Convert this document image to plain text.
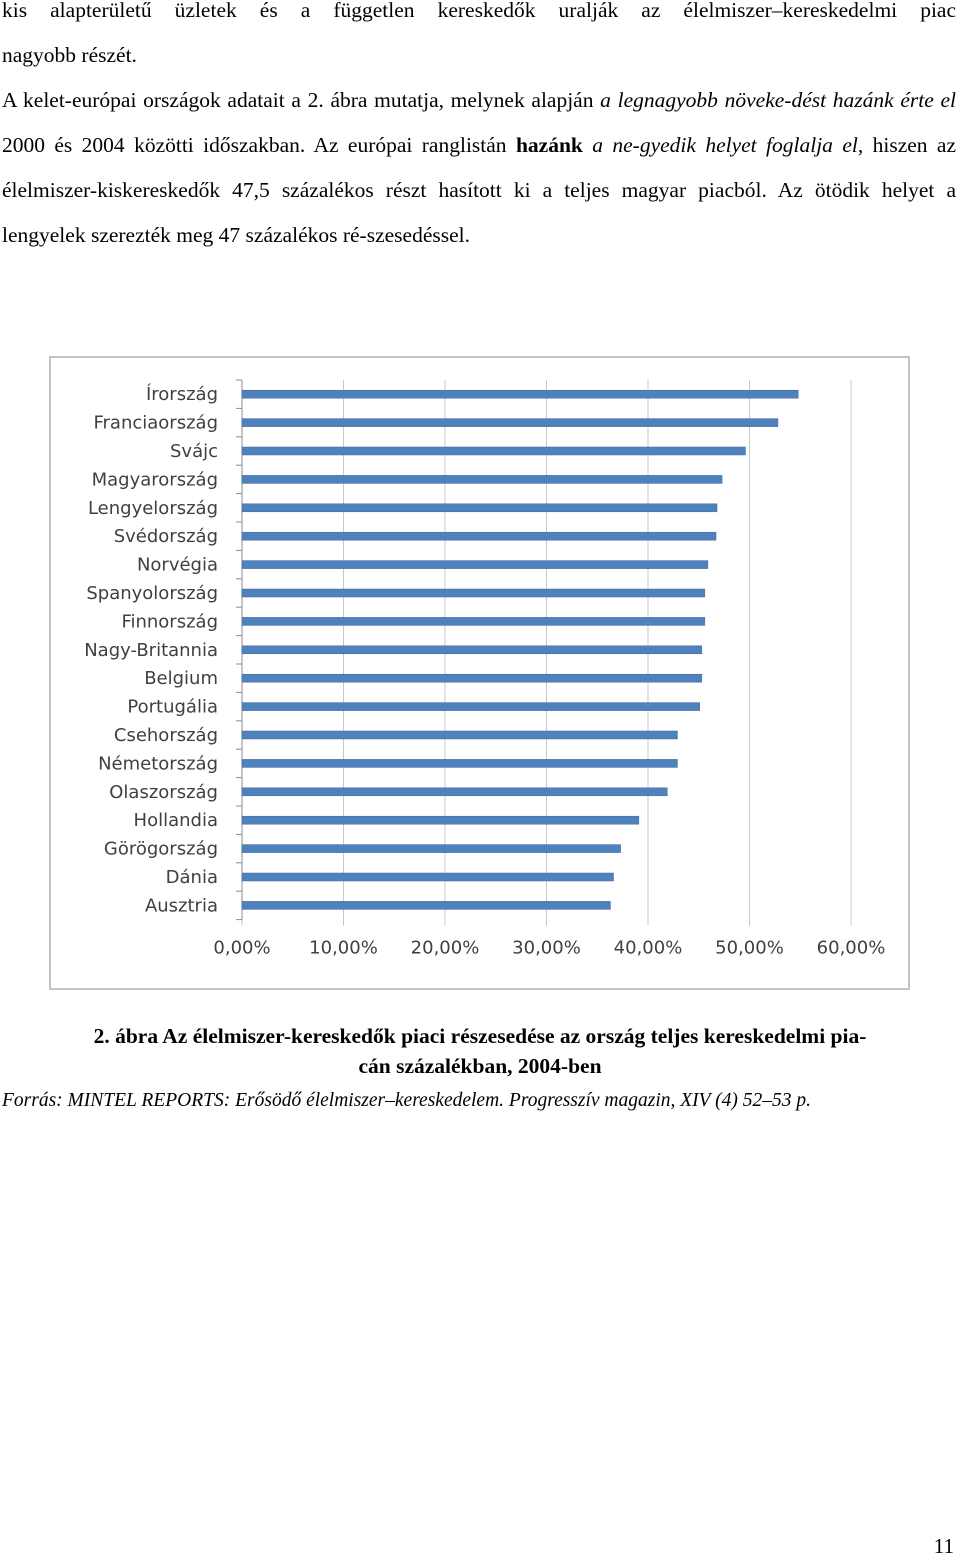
kis alapterületű üzletek és a független kereskedők uralják az élelmiszer–kereskedelmi piac

nagyobb részét.

A kelet-európai országok adatait a 2. ábra mutatja, melynek alapján a legnagyobb növeke-dést hazánk érte el 2000 és 2004 közötti időszakban. Az európai ranglistán hazánk a ne-gyedik helyet foglalja el, hiszen az élelmiszer-kiskereskedők 47,5 százalékos részt hasított ki a teljes magyar piacból. Az ötödik helyet a lengyelek szerezték meg 47 százalékos ré-szesedéssel.

0,00% 10,00% 20,00% 30,00% 40,00% 50,00% 60,00%
Írország
Franciaország
Svájc
Magyarország
Lengyelország
Svédország
Norvégia
Spanyolország
Finnország
Nagy-Britannia
Belgium
Portugália
Csehország
Németország
Olaszország
Hollandia
Görögország
Dánia
Ausztria

2. ábra Az élelmiszer-kereskedők piaci részesedése az ország teljes kereskedelmi pia-

cán százalékban, 2004-ben

Forrás: MINTEL REPORTS: Erősödő élelmiszer–kereskedelem. Progresszív magazin, XIV (4) 52–53 p.

11
